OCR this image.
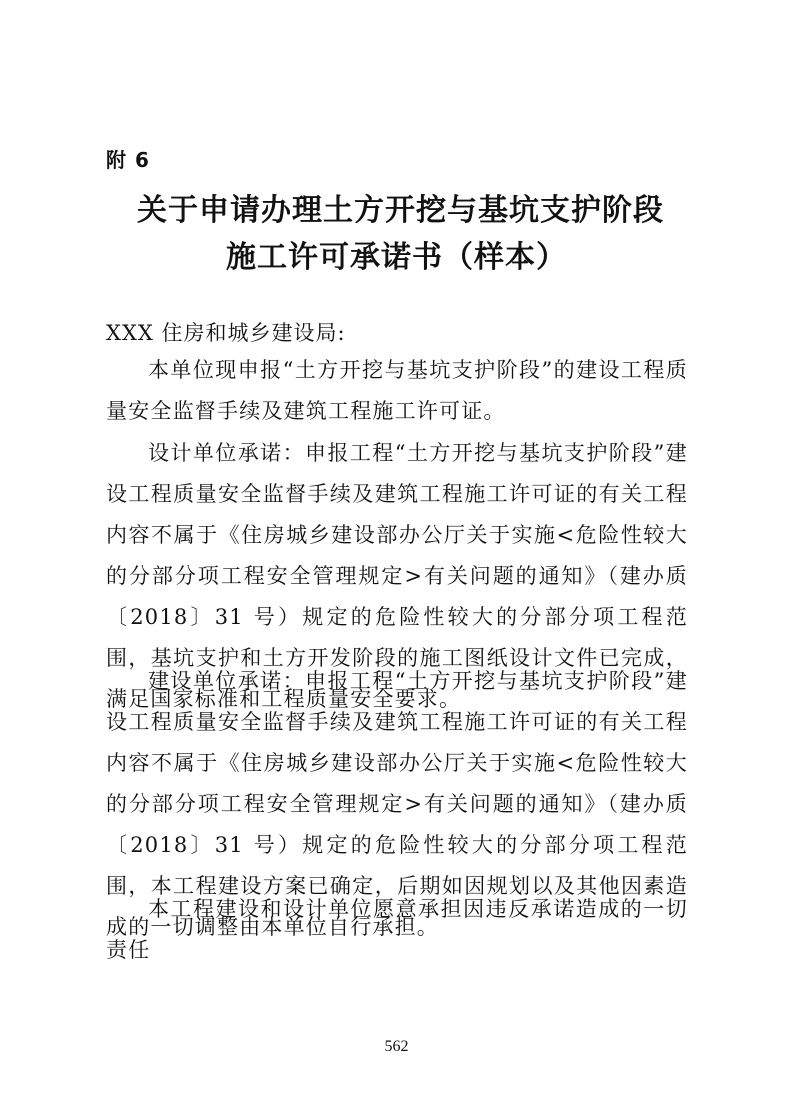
附 6
关于申请办理土方开挖与基坑支护阶段
施工许可承诺书（样本）
XXX 住房和城乡建设局:

本单位现申报“土方开挖与基坑支护阶段”的建设工程质量安全监督手续及建筑工程施工许可证。

设计单位承诺：申报工程“土方开挖与基坑支护阶段”建设工程质量安全监督手续及建筑工程施工许可证的有关工程内容不属于《住房城乡建设部办公厅关于实施<危险性较大的分部分项工程安全管理规定>有关问题的通知》（建办质〔2018〕31 号）规定的危险性较大的分部分项工程范围，基坑支护和土方开发阶段的施工图纸设计文件已完成，满足国家标准和工程质量安全要求。

建设单位承诺：申报工程“土方开挖与基坑支护阶段”建设工程质量安全监督手续及建筑工程施工许可证的有关工程内容不属于《住房城乡建设部办公厅关于实施<危险性较大的分部分项工程安全管理规定>有关问题的通知》（建办质〔2018〕31 号）规定的危险性较大的分部分项工程范围，本工程建设方案已确定，后期如因规划以及其他因素造成的一切调整由本单位自行承担。

本工程建设和设计单位愿意承担因违反承诺造成的一切责任

562
